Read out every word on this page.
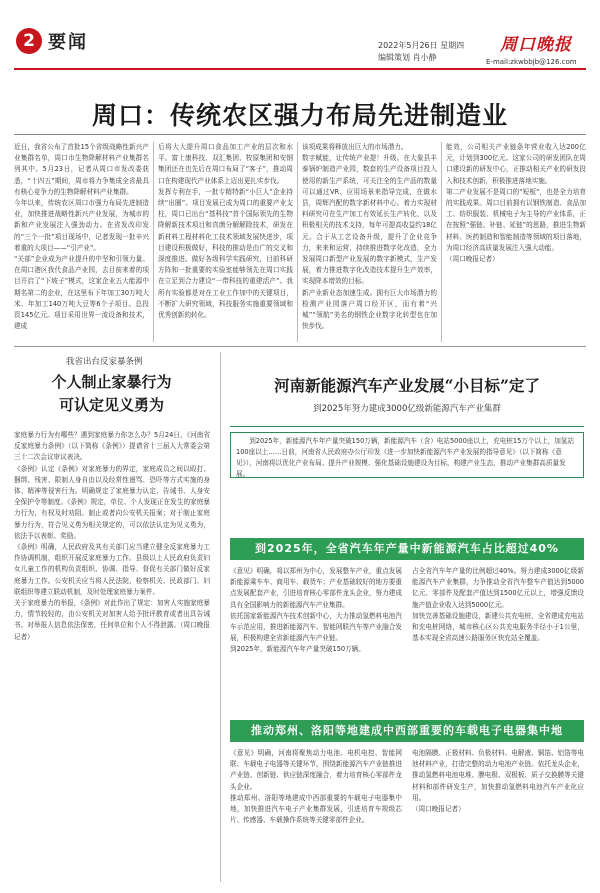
2 要闻	2022年5月26日 星期四
编辑策划 肖小静
周口晚报
E-mail:zkwbbjb@126.com
周口：传统农区强力布局先进制造业
近日，我省公布了首批15个省级战略性新兴产业集群名单，周口市生物降解材料产业集群名列其中。5月23日，记者从周口市发改委获悉，“十四五”期间，周市将力争集成全省最具有核心竞争力的生物降解材料产业集群。
今年以来，传统农区周口市强力布局先进制造业，加快推进战略性新兴产业发展，为城市的新和产业发展注入强劲动力。在省发改印发的“三个一批”项目现场中，记者发现一批辛兴着重的大项目——“引产业”。
“关部”企业成为产业提升的中坚和引领力量。在周口港区我代食品产业园，去目前来着的项目开启了“下坡子”模式，这家企业五大能源中期名第二的企业，在这里布下年加工30万吨大米、年加工140万吨大豆等6个子项目。总投资145亿元。项目采用世界一流设备和技术，建成
后将大大提升周口食品加工产业的层次和水平。富士康科技、双汇集团、牧原集团和安钢集团还在也先后在周口布局了“客子”，推动周口在构建现代产业体系上迈出更扎实步伐。
发挥专利在手，一批专精特新“小巨人”企业持续“出圈”。项目发展已成为周口的重要产业支柱，周口已出台“基科技”首个国际领先的生物降解新技术项目和真菌分解解除技术，研发在新材料工程材料化工技术领域发展快进步，项目建设积极做好，科技的推动是由广的交叉和深度推进。做好各级科学实践研究，目前科研方阵和一批重要的实验室能够领先在周口实践在立足到合力建设“一带科技的重建活产”。我所有实验都是对在工业工作加中的关键项目，不断扩大研究领域，科技服务实施重要领域和优秀创新的转化。
该项成果将释放出巨大的市场潜力。
数字赋能，让传统产业提！升级。在大象县丰泰锅炉制造产业园，数套的生产设备项目投入使用的新生产系统，可关注全的生产品的数量可以通过VR、应用场景来指导完成，在做水县，周辉汽配的数字新材料中心。着力实现材料研究可在生产加工有效延长生产转化，以及积极相关的技术支持，每年可提高收益约18亿元。合于从工艺设备升级，提升了企业竞争力，来来和运营，持续推进数字化改造，全力发展周口新型产业发展的数字新模式，生产发展，着力推进数字化改造技术提升生产效率，实现降本增效的目标。
新产业新业态加速生成。拥有巨大市场潜力的检测产业园落户周口经开区，而有着“兴城”“领航”美名的钢铁企业数字化转型也在加快步伐。
能效，公司相关产业链条年营业收入达200亿元，计划到300亿元。这家公司的研发团队在周口建设新的研发中心，正推动相关产业的研发投入和技术创新，积极推进落地实施。
第二产业发展不是周口的“短板”，也是全力培育的实践成果。周口目前拥有以钢铁制造、食品加工、纺织服装、机械电子为主导的产业体系，正在按照“强链、补链、延链”的思路，推进生物新材料、医药制造和智能制造等领域的项目落地，为周口经济高质量发展注入强大动能。
（周口晚报记者）
我省出台反家暴条例
个人制止家暴行为
可认定见义勇为
家庭暴力行为有哪些？遇到家庭暴力你怎么办？5月24日，《河南省反家庭暴力条例》（以下简称《条例》）提请省十三届人大常委会第三十二次会议审议表决。
《条例》认定《条例》对家庭暴力的界定，家庭成员之间以殴打、捆绑、残害、限制人身自由以及经常性谩骂、恐吓等方式实施的身体、精神等侵害行为。明确规定了家庭暴力认定、告诫书、人身安全保护令等制度。《条例》规定，单位、个人发现正在发生的家庭暴力行为，有权及时劝阻、制止或者向公安机关报案；对于制止家庭暴力行为，符合见义勇为相关规定的，可以依法认定为见义勇为，依法予以表彰、奖励。
《条例》明确，人民政府及其有关部门应当建立健全反家庭暴力工作协调机制，组织开展反家庭暴力工作。县级以上人民政府负责妇女儿童工作的机构负责组织、协调、指导、督促有关部门做好反家庭暴力工作。公安机关应当将人民法院、检察机关、民政部门、妇联组织等建立联动机制，及时处理家庭暴力案件。
关于家庭暴力的举报，《条例》对此作出了规定：加害人实施家庭暴力，情节较轻的，由公安机关对加害人给予批评教育或者出具告诫书。对举报人信息依法保密，任何单位和个人不得泄露。（周口晚报记者）
河南新能源汽车产业发展“小目标”定了
到2025年努力建成3000亿级新能源汽车产业集群
到2025年，新能源汽车年产量突破150万辆，新能源汽车（含）电站5000座以上，充电桩15万个以上，加氢站100座以上……日前，河南省人民政府办公厅印发《进一步加快新能源汽车产业发展的指导意见》（以下简称《意见》），河南将以优化产业布局、提升产业规模、强化基础设施建设为目标，构建产业生态，推动产业集群高质量发展。
到2025年，全省汽车年产量中新能源汽车占比超过40%
《意见》明确，将以郑州为中心，发展整车产业，重点发展新能源乘车车、商用车、载货车；产业基础较好的地方要重点发展配套产业，引进培育核心零部件龙头企业，努力建成具有全国影响力的新能源汽车产业集群。
依托国家新能源汽车技术创新中心，大力推动氢燃料电池汽车示范应用，推进新能源汽车、智能网联汽车等产业融合发展，积极构建全省新能源汽车产业链。
到2025年，新能源汽车年产量突破150万辆。
占全省汽车年产量的比例超过40%。努力建成3000亿级新能源汽车产业集群，力争推动全省汽车整车产值达到5000亿元、零部件及配套产值达到1500亿元以上，增强反馈设施产值企业收入达到5000亿元。
加快完善基础设施建设，新建公共充电桩，全省建成充电站和充电桩网络，城市核心区公共充电服务半径小于1公里，基本实现全省高速公路服务区快充站全覆盖。
推动郑州、洛阳等地建成中西部重要的车载电子电器集中地
《意见》明确，河南将聚焦动力电池、电机电控、智能网联、车载电子电器等关键环节，围绕新能源汽车产业链推进产业链、创新链、供应链深度融合，着力培育核心零部件龙头企业。
推动郑州、洛阳等地建成中西部重要的车载电子电器集中地，加快推进汽车电子产业集群发展，引进培育车规级芯片、传感器、车载操作系统等关键零部件企业。
电池隔膜、正极材料、负极材料、电解液、铜箔、铝箔等电池材料产业，打造完整的动力电池产业链。依托龙头企业，推动氢燃料电池电堆、膜电极、双极板、质子交换膜等关键材料和部件研发生产，加快推动氢燃料电池汽车产业化应用。
（周口晚报记者）
